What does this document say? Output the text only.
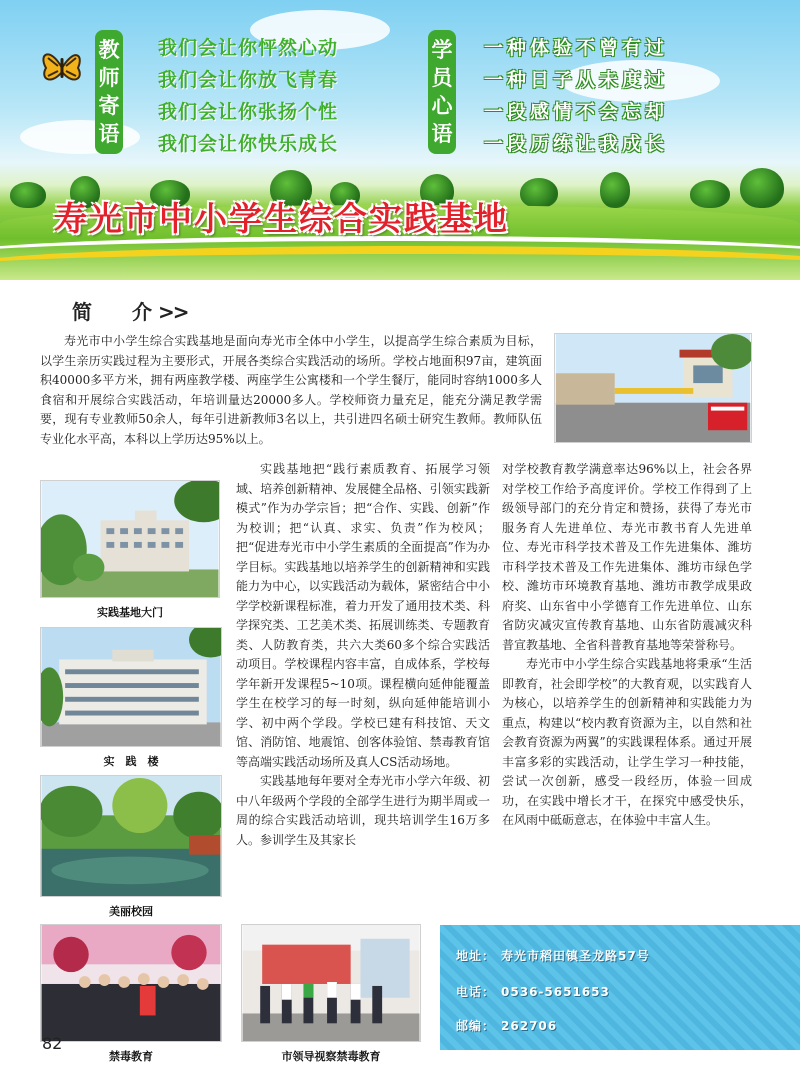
教
师
寄
语
我们会让你怦然心动
我们会让你放飞青春
我们会让你张扬个性
我们会让你快乐成长
学
员
心
语
一种体验不曾有过
一种日子从未度过
一段感情不会忘却
一段历练让我成长
寿光市中小学生综合实践基地
简　介>>

寿光市中小学生综合实践基地是面向寿光市全体中小学生，以提高学生综合素质为目标，以学生亲历实践过程为主要形式，开展各类综合实践活动的场所。学校占地面积97亩，建筑面积40000多平方米，拥有两座教学楼、两座学生公寓楼和一个学生餐厅，能同时容纳1000多人食宿和开展综合实践活动，年培训量达20000多人。学校师资力量充足，能充分满足教学需要，现有专业教师50余人，每年引进新教师3名以上，共引进四名硕士研究生教师。教师队伍专业化水平高，本科以上学历达95%以上。

实践基地大门
实　践　楼
美丽校园

实践基地把“践行素质教育、拓展学习领域、培养创新精神、发展健全品格、引领实践新模式”作为办学宗旨；把“合作、实践、创新”作为校训；把“认真、求实、负责”作为校风；把“促进寿光市中小学生素质的全面提高”作为办学目标。实践基地以培养学生的创新精神和实践能力为中心，以实践活动为载体，紧密结合中小学学校新课程标准，着力开发了通用技术类、科学探究类、工艺美术类、拓展训练类、专题教育类、人防教育类，共六大类60多个综合实践活动项目。学校课程内容丰富，自成体系，学校每学年新开发课程5~10项。课程横向延伸能覆盖学生在校学习的每一时刻，纵向延伸能培训小学、初中两个学段。学校已建有科技馆、天文馆、消防馆、地震馆、创客体验馆、禁毒教育馆等高端实践活动场所及真人CS活动场地。

实践基地每年要对全寿光市小学六年级、初中八年级两个学段的全部学生进行为期半周或一周的综合实践活动培训，现共培训学生16万多人。参训学生及其家长

对学校教育教学满意率达96%以上，社会各界对学校工作给予高度评价。学校工作得到了上级领导部门的充分肯定和赞扬，获得了寿光市服务育人先进单位、寿光市教书育人先进单位、寿光市科学技术普及工作先进集体、潍坊市科学技术普及工作先进集体、潍坊市绿色学校、潍坊市环境教育基地、潍坊市教学成果政府奖、山东省中小学德育工作先进单位、山东省防灾减灾宣传教育基地、山东省防震减灾科普宣教基地、全省科普教育基地等荣誉称号。

寿光市中小学生综合实践基地将秉承“生活即教育，社会即学校”的大教育观，以实践育人为核心，以培养学生的创新精神和实践能力为重点，构建以“校内教育资源为主，以自然和社会教育资源为两翼”的实践课程体系。通过开展丰富多彩的实践活动，让学生学习一种技能，尝试一次创新，感受一段经历，体验一回成功，在实践中增长才干，在探究中感受快乐，在风雨中砥砺意志，在体验中丰富人生。

禁毒教育	市领导视察禁毒教育
地址： 寿光市稻田镇圣龙路57号
电话： 0536-5651653
邮编： 262706
82
